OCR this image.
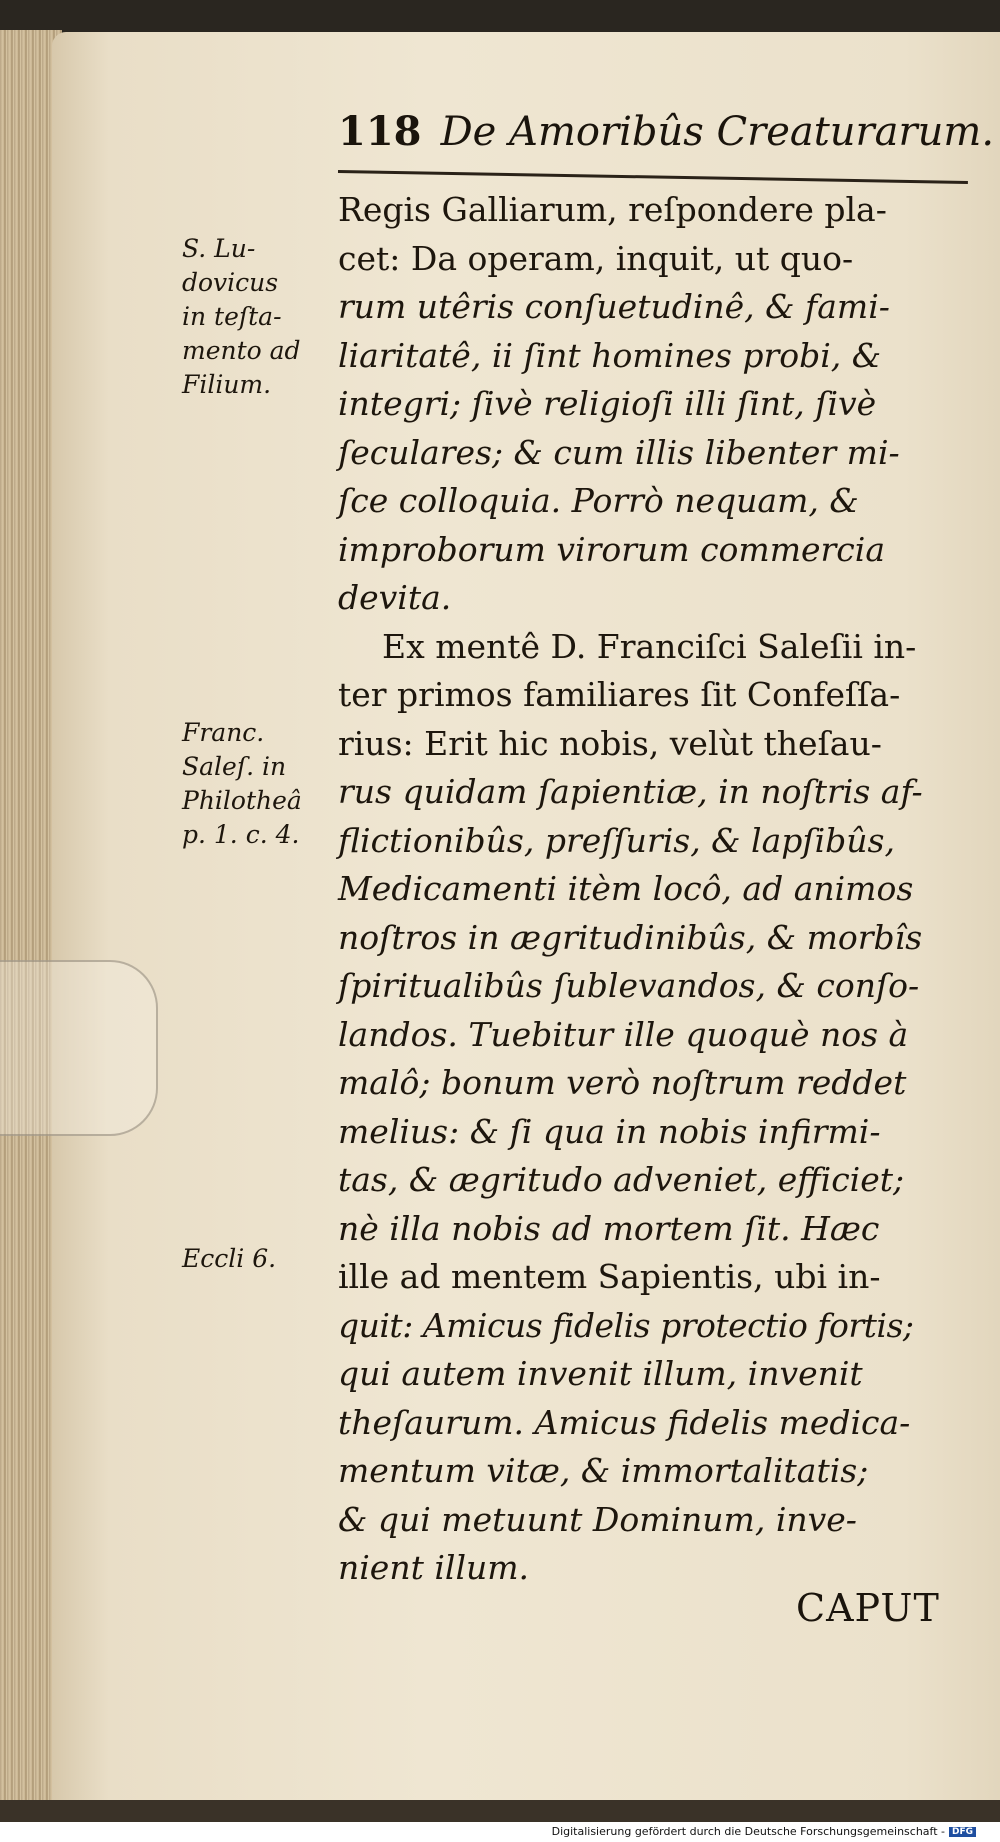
118 De Amoribûs Creaturarum.
Regis Galliarum, reſpondere pla-
cet: Da operam, inquit, ut quo-
rum utêris conſuetudinê, & fami-
liaritatê, ii ſint homines probi, &
integri; ſivè religioſi illi ſint, ſivè
ſeculares; & cum illis libenter mi-
ſce colloquia. Porrò nequam, &
improborum virorum commercia
devita.
Ex mentê D. Franciſci Saleſii in-
ter primos familiares ſit Confeſſa-
rius: Erit hic nobis, velùt theſau-
rus quidam ſapientiæ, in noſtris af-
flictionibûs, preſſuris, & lapſibûs,
Medicamenti itèm locô, ad animos
noſtros in ægritudinibûs, & morbîs
ſpiritualibûs ſublevandos, & conſo-
landos. Tuebitur ille quoquè nos à
malô; bonum verò noſtrum reddet
melius: & ſi qua in nobis infirmi-
tas, & ægritudo adveniet, efficiet;
nè illa nobis ad mortem ſit. Hæc
ille ad mentem Sapientis, ubi in-
quit: Amicus fidelis protectio fortis;
qui autem invenit illum, invenit
theſaurum. Amicus fidelis medica-
mentum vitæ, & immortalitatis;
& qui metuunt Dominum, inve-
nient illum.
S. Lu-
dovicus
in teſta-
mento ad
Filium.
Franc.
Saleſ. in
Philotheâ
p. 1. c. 4.
Eccli 6.
CAPUT
Digitalisierung gefördert durch die Deutsche Forschungsgemeinschaft - DFG
